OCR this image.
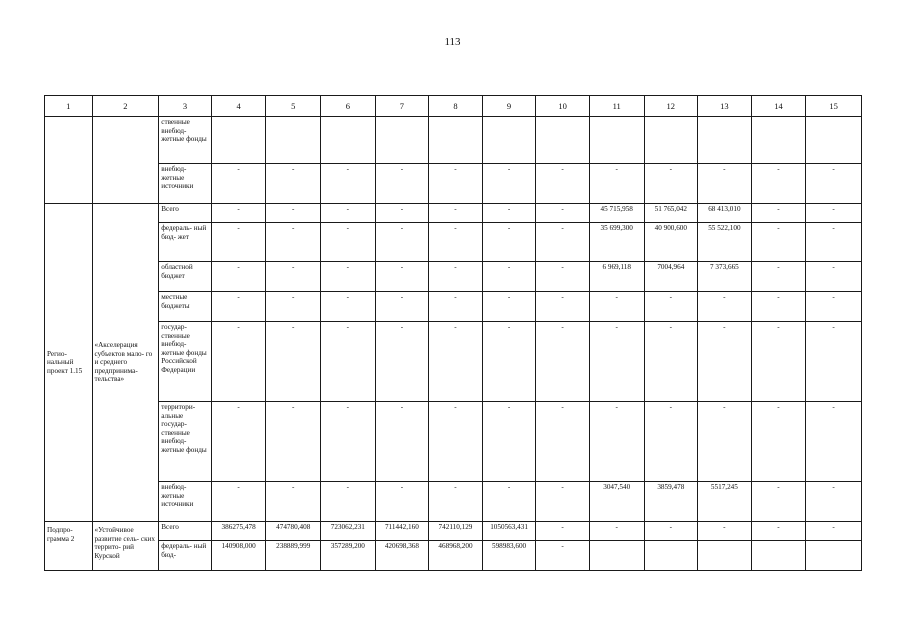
113
1	2	3	4	5	6	7	8	9	10	11	12	13	14	15
		ственные внебюд- жетные фонды												
		внебюд- жетные источники	-	-	-	-	-	-	-	-	-	-	-	-
Регио- нальный проект 1.15	«Акселерация субъектов мало- го и среднего предпринима- тельства»	Всего	-	-	-	-	-	-	-	45 715,958	51 765,042	68 413,010	-	-
		федераль- ный бюд- жет	-	-	-	-	-	-	-	35 699,300	40 900,600	55 522,100	-	-
		областной бюджет	-	-	-	-	-	-	-	6 969,118	7004,964	7 373,665	-	-
		местные бюджеты	-	-	-	-	-	-	-	-	-	-	-	-
		государ- ственные внебюд- жетные фонды Российской Федерации	-	-	-	-	-	-	-	-	-	-	-	-
		территори- альные государ- ственные внебюд- жетные фонды	-	-	-	-	-	-	-	-	-	-	-	-
		внебюд- жетные источники	-	-	-	-	-	-	-	3047,540	3859,478	5517,245	-	-
Подпро- грамма 2	«Устойчивое развитие сель- ских террито- рий Курской	Всего	386275,478	474780,408	723062,231	711442,160	742110,129	1050563,431	-	-	-	-	-	-
		федераль- ный бюд-	140908,000	238889,999	357289,200	420698,368	468968,200	598983,600	-					
